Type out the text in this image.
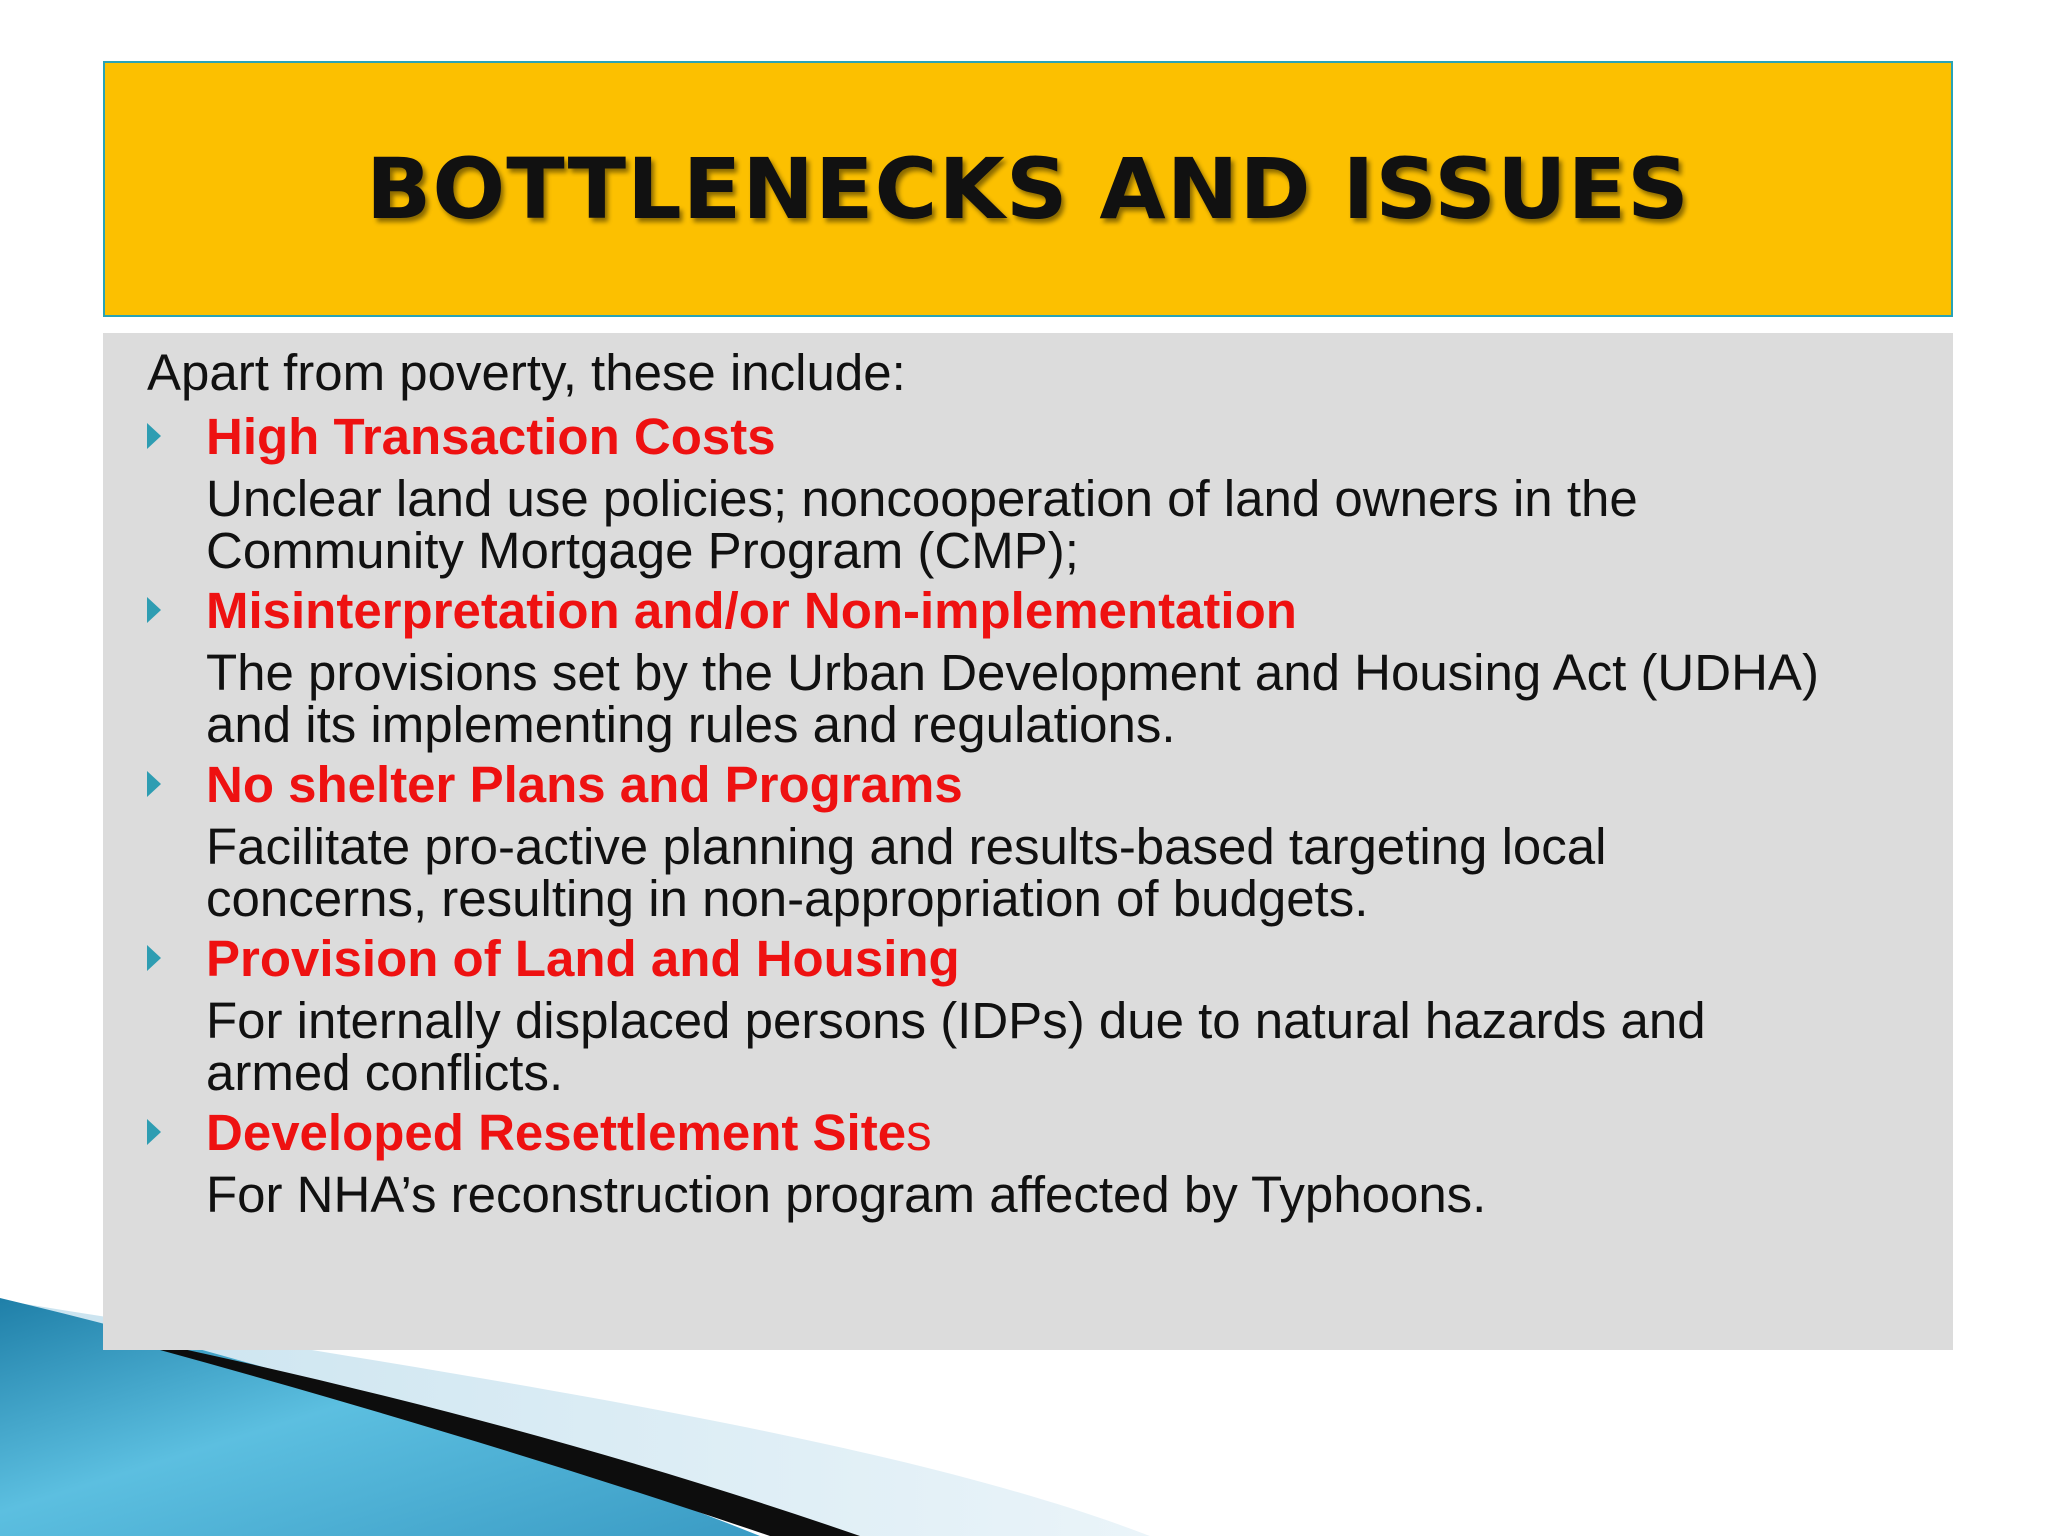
BOTTLENECKS AND ISSUES
Apart from poverty, these include:
High Transaction Costs
Unclear land use policies; noncooperation of land owners in the
Community Mortgage Program (CMP);
Misinterpretation and/or Non-implementation
The provisions set by the Urban Development and Housing Act (UDHA)
and its implementing rules and regulations.
No shelter Plans and Programs
Facilitate pro-active planning and results-based targeting local
concerns, resulting in non-appropriation of budgets.
Provision of Land and Housing
For internally displaced persons (IDPs) due to natural hazards and
armed conflicts.
Developed Resettlement Sites
For NHA’s reconstruction program affected by Typhoons.
